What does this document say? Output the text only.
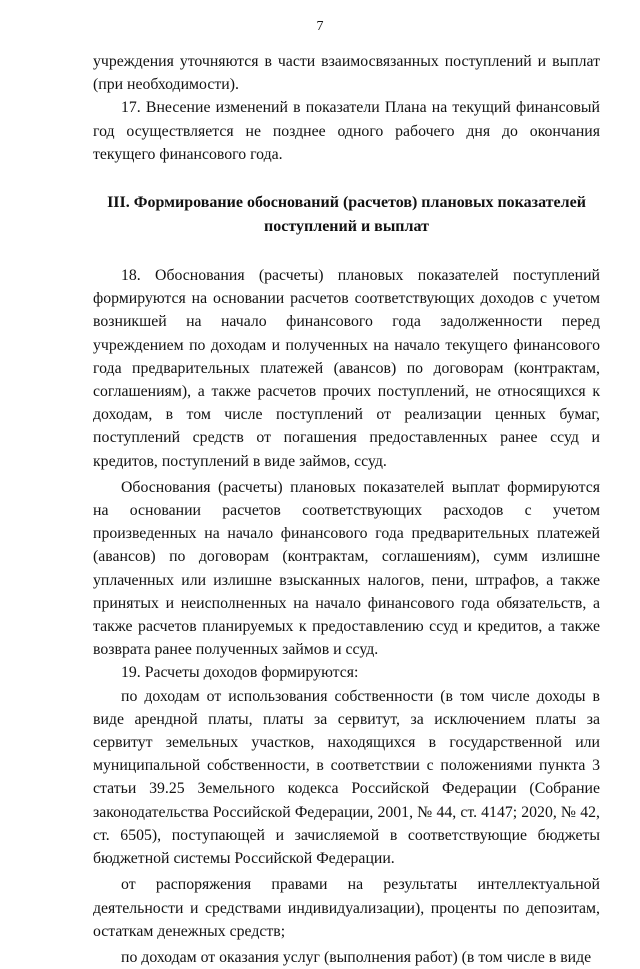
7

учреждения уточняются в части взаимосвязанных поступлений и выплат (при необходимости).

17. Внесение изменений в показатели Плана на текущий финансовый год осуществляется не позднее одного рабочего дня до окончания текущего финансового года.

III. Формирование обоснований (расчетов) плановых показателей поступлений и выплат

18. Обоснования (расчеты) плановых показателей поступлений формируются на основании расчетов соответствующих доходов с учетом возникшей на начало финансового года задолженности перед учреждением по доходам и полученных на начало текущего финансового года предварительных платежей (авансов) по договорам (контрактам, соглашениям), а также расчетов прочих поступлений, не относящихся к доходам, в том числе поступлений от реализации ценных бумаг, поступлений средств от погашения предоставленных ранее ссуд и кредитов, поступлений в виде займов, ссуд.

Обоснования (расчеты) плановых показателей выплат формируются на основании расчетов соответствующих расходов с учетом произведенных на начало финансового года предварительных платежей (авансов) по договорам (контрактам, соглашениям), сумм излишне уплаченных или излишне взысканных налогов, пени, штрафов, а также принятых и неисполненных на начало финансового года обязательств, а также расчетов планируемых к предоставлению ссуд и кредитов, а также возврата ранее полученных займов и ссуд.

19. Расчеты доходов формируются:

по доходам от использования собственности (в том числе доходы в виде арендной платы, платы за сервитут, за исключением платы за сервитут земельных участков, находящихся в государственной или муниципальной собственности, в соответствии с положениями пункта 3 статьи 39.25 Земельного кодекса Российской Федерации (Собрание законодательства Российской Федерации, 2001, № 44, ст. 4147; 2020, № 42, ст. 6505), поступающей и зачисляемой в соответствующие бюджеты бюджетной системы Российской Федерации.

от распоряжения правами на результаты интеллектуальной деятельности и средствами индивидуализации), проценты по депозитам, остаткам денежных средств;

по доходам от оказания услуг (выполнения работ) (в том числе в виде
